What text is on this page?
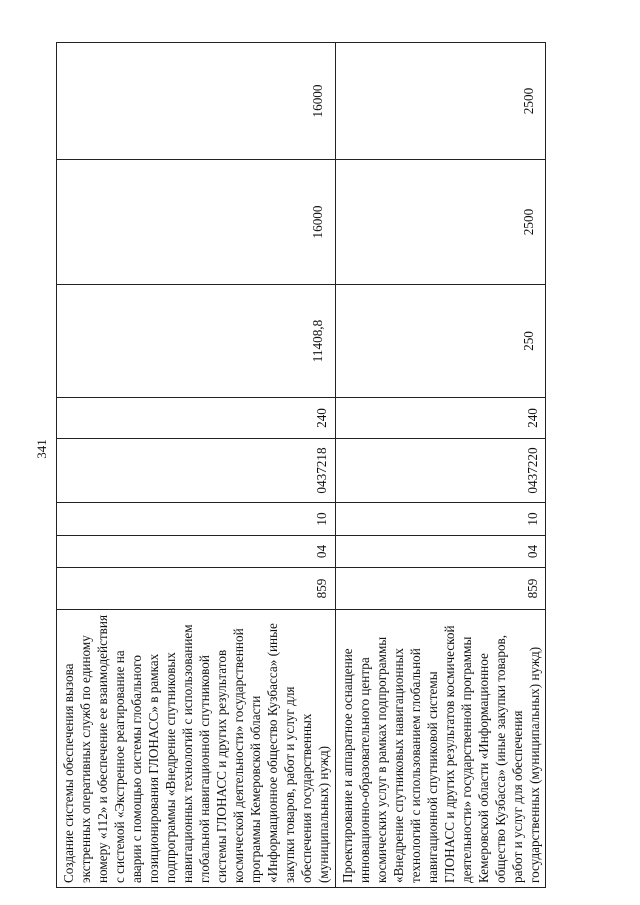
341
Создание системы обеспечения вызова экстренных оперативных служб по единому номеру «112» и обеспечение ее взаимодействия с системой «Экстренное реагирование на аварии с помощью системы глобального позиционирования ГЛОНАСС» в рамках подпрограммы «Внедрение спутниковых навигационных технологий с использованием глобальной навигационной спутниковой системы ГЛОНАСС и других результатов космической деятельности» государственной программы Кемеровской области «Информационное общество Кузбасса» (иные закупки товаров, работ и услуг для обеспечения государственных (муниципальных) нужд)	859	04	10	0437218	240	11408,8	16000	16000
Проектирование и аппаратное оснащение инновационно-образовательного центра космических услуг в рамках подпрограммы «Внедрение спутниковых навигационных технологий с использованием глобальной навигационной спутниковой системы ГЛОНАСС и других результатов космической деятельности» государственной программы Кемеровской области «Информационное общество Кузбасса» (иные закупки товаров, работ и услуг для обеспечения государственных (муниципальных) нужд)	859	04	10	0437220	240	250	2500	2500
